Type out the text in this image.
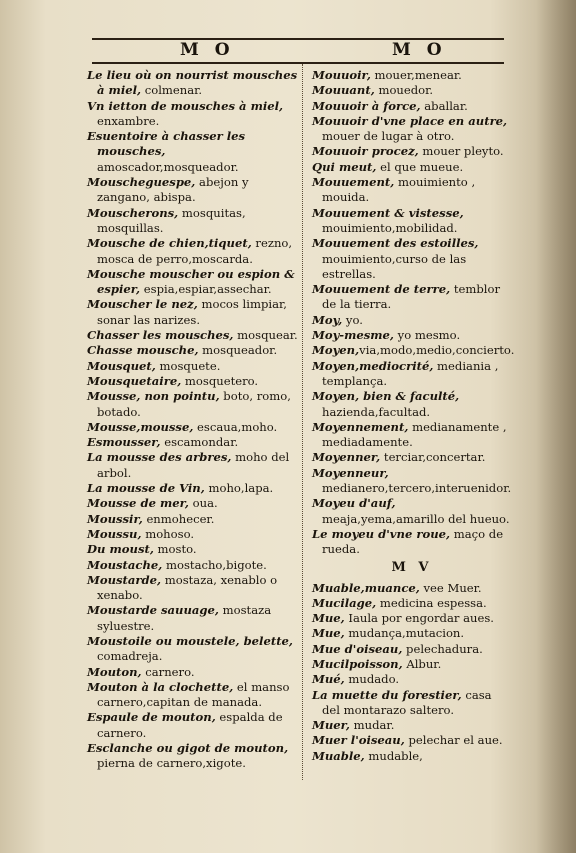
M O	M O
Le lieu où on nourrist mousches à miel, colmenar.
Vn ietton de mousches à miel, enxambre.
Esuentoire à chasser les mousches, amoscador,mosqueador.
Mouscheguespe, abejon y zangano, abispa.
Mouscherons, mosquitas, mosquillas.
Mousche de chien,tiquet, rezno, mosca de perro,moscarda.
Mousche mouscher ou espion & espier, espia,espiar,assechar.
Mouscher le nez, mocos limpiar, sonar las narizes.
Chasser les mousches, mosquear.
Chasse mousche, mosqueador.
Mousquet, mosquete.
Mousquetaire, mosquetero.
Mousse, non pointu, boto, romo, botado.
Mousse,mousse, escaua,moho.
Esmousser, escamondar.
La mousse des arbres, moho del arbol.
La mousse de Vin, moho,lapa.
Mousse de mer, oua.
Moussir, enmohecer.
Moussu, mohoso.
Du moust, mosto.
Moustache, mostacho,bigote.
Moustarde, mostaza, xenablo o xenabo.
Moustarde sauuage, mostaza syluestre.
Moustoile ou moustele, belette, comadreja.
Mouton, carnero.
Mouton à la clochette, el manso carnero,capitan de manada.
Espaule de mouton, espalda de carnero.
Esclanche ou gigot de mouton, pierna de carnero,xigote.
Mouuoir, mouer,menear.
Mouuant, mouedor.
Mouuoir à force, aballar.
Mouuoir d'vne place en autre, mouer de lugar à otro.
Mouuoir procez, mouer pleyto.
Qui meut, el que mueue.
Mouuement, mouimiento , mouida.
Mouuement & vistesse, mouimiento,mobilidad.
Mouuement des estoilles, mouimiento,curso de las estrellas.
Mouuement de terre, temblor de la tierra.
Moy, yo.
Moy-mesme, yo mesmo.
Moyen,via,modo,medio,concierto.
Moyen,mediocrité, mediania , templança.
Moyen, bien & faculté, hazienda,facultad.
Moyennement, medianamente , mediadamente.
Moyenner, terciar,concertar.
Moyenneur, medianero,tercero,interuenidor.
Moyeu d'auf, meaja,yema,amarillo del hueuo.
Le moyeu d'vne roue, maço de rueda.
M V
Muable,muance, vee Muer.
Mucilage, medicina espessa.
Mue, Iaula por engordar aues.
Mue, mudança,mutacion.
Mue d'oiseau, pelechadura.
Mucilpoisson, Albur.
Mué, mudado.
La muette du forestier, casa del montarazo saltero.
Muer, mudar.
Muer l'oiseau, pelechar el aue.
Muable, mudable,
